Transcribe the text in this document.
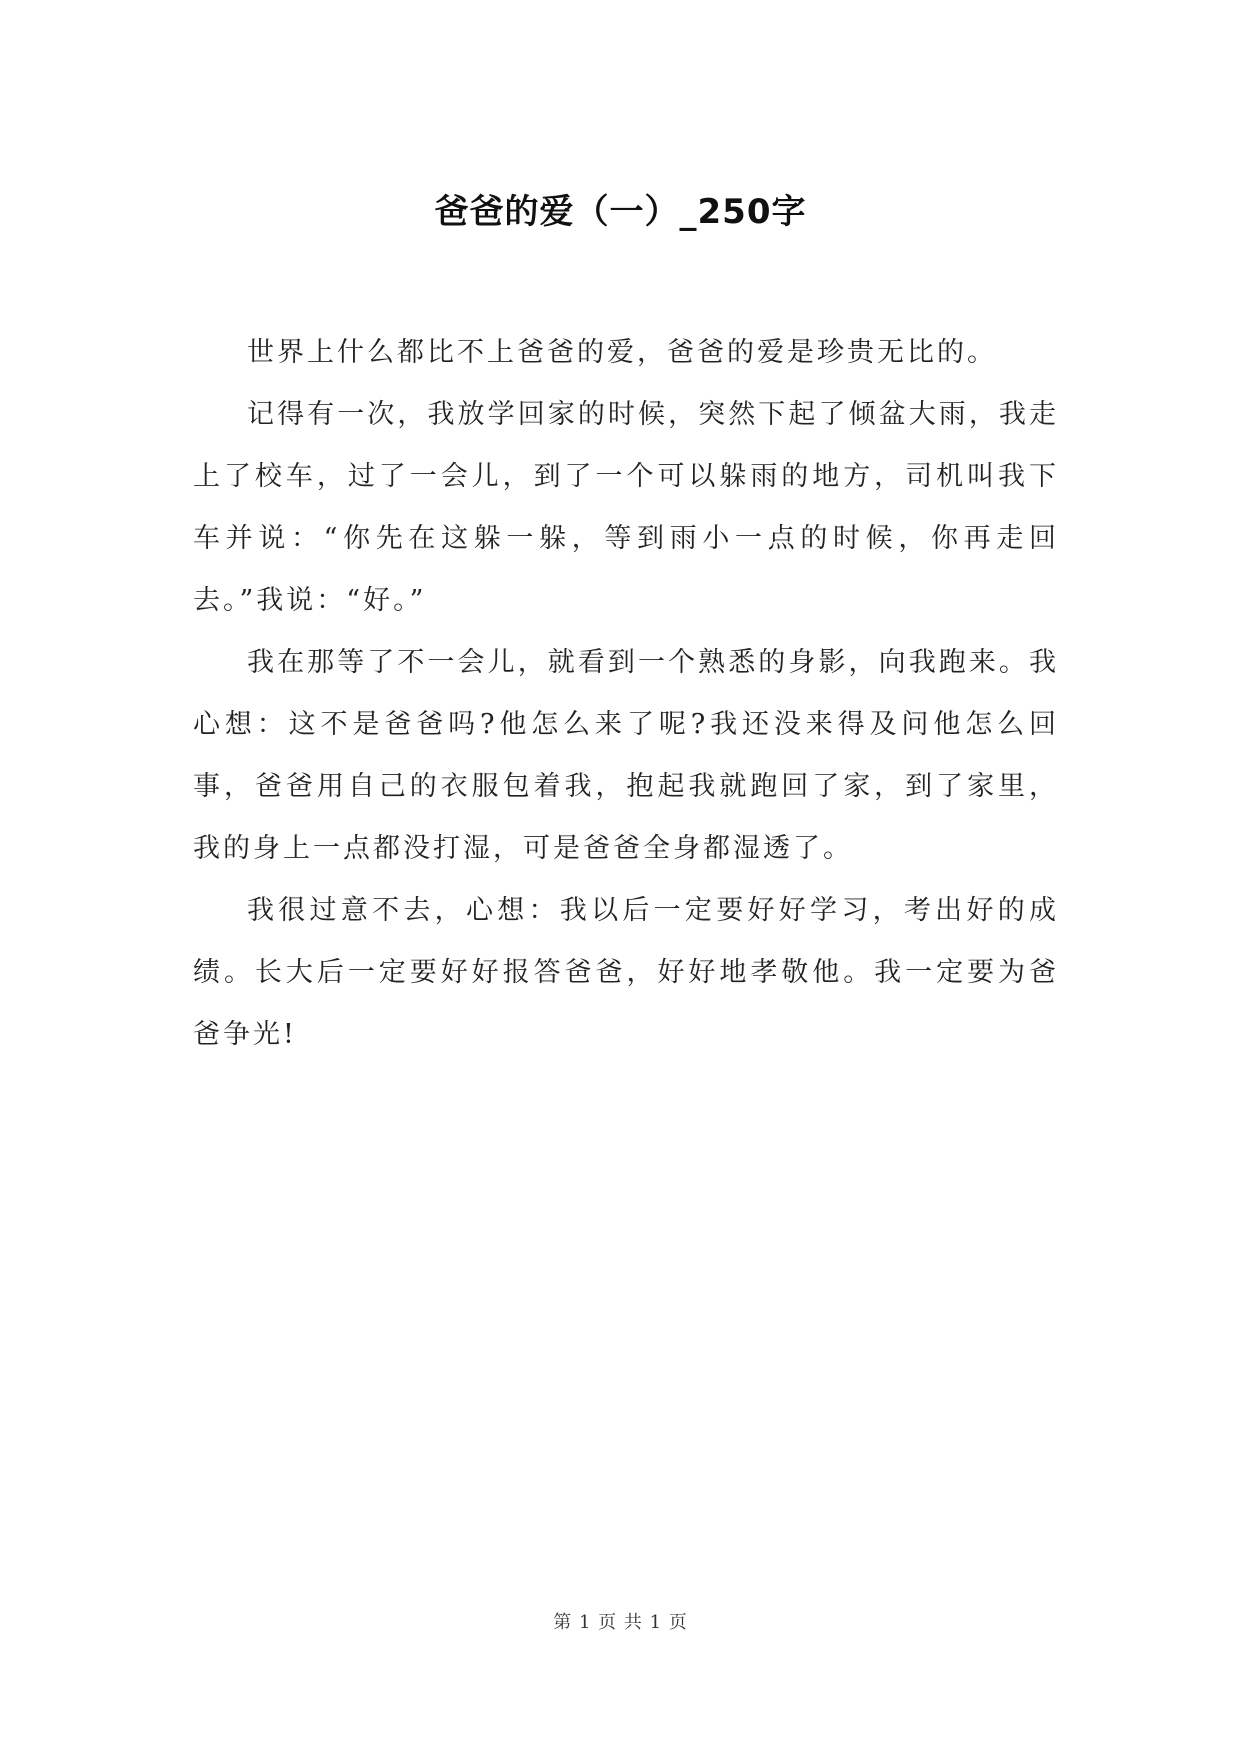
爸爸的爱（一）_250字

世界上什么都比不上爸爸的爱，爸爸的爱是珍贵无比的。

记得有一次，我放学回家的时候，突然下起了倾盆大雨，我走上了校车，过了一会儿，到了一个可以躲雨的地方，司机叫我下车并说：“你先在这躲一躲，等到雨小一点的时候，你再走回去。”我说：“好。”

我在那等了不一会儿，就看到一个熟悉的身影，向我跑来。我心想：这不是爸爸吗?他怎么来了呢?我还没来得及问他怎么回事，爸爸用自己的衣服包着我，抱起我就跑回了家，到了家里，我的身上一点都没打湿，可是爸爸全身都湿透了。

我很过意不去，心想：我以后一定要好好学习，考出好的成绩。长大后一定要好好报答爸爸，好好地孝敬他。我一定要为爸爸争光!

第 1 页 共 1 页
